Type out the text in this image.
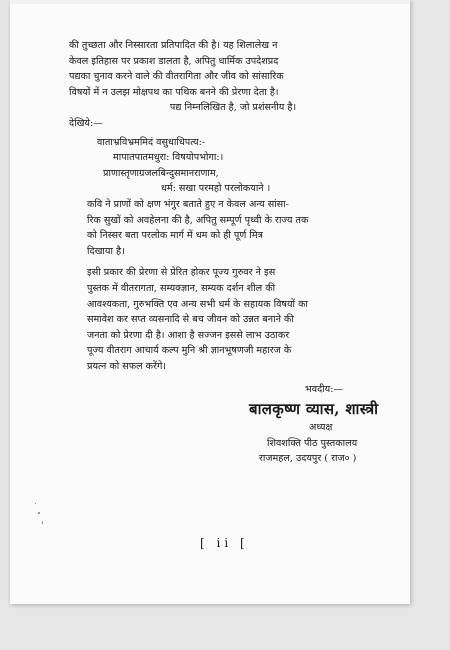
की तुच्छता और निस्सारता प्रतिपादित की है। यह शिलालेख न
केवल इतिहास पर प्रकाश डालता है, अपितु धार्मिक उपदेशप्रद
पद्यका चुनाव करने वाले की वीतरागिता और जीव को सांसारिक
विषयों में न उलझ मोक्षपथ का पथिक बनने की प्रेरणा देता है।

पद्य निम्नलिखित है, जो प्रशंसनीय है।

देखिये:—

वाताभ्रविभ्रममिदं वसुधाधिपत्य:-

मापातपातमधुरा: विषयोपभोगा:।

प्राणास्तृणाग्रजलबिन्दुसमानराणाम,

धर्म: सखा परमहो परलोकयाने ।

कवि ने प्राणों को क्षण भंगुर बताते हुए न केवल अन्य सांसा-
रिक सुखों को अवहेलना की है, अपितु सम्पूर्ण पृथ्वी के राज्य तक
को निस्सर बता परलोक मार्ग में धम को ही पूर्ण मित्र
दिखाया है।

इसी प्रकार की प्रेरणा से प्रेरित होकर पूज्य गुरुवर ने इस
पुस्तक में वीतरागता, सम्यक्ज्ञान, सम्यक दर्शन शील की
आवश्यकता, गुरुभक्ति एव अन्य सभी धर्म के सहायक विषयों का
समावेश कर सप्त व्यसनादि से बच जीवन को उन्नत बनाने की
जनता को प्रेरणा दी है। आशा है सज्जन इससे लाभ उठाकर
पूज्य वीतराग आचार्य कल्प मुनि श्री ज्ञानभूषणजी महारज के
प्रयत्न को सफल करेंगे।

भवदीय:—
बालकृष्ण व्यास, शास्त्री
अध्यक्ष
शिवशक्ति पीठ पुस्तकालय
राजमहल, उदयपुर ( राज० )
[ ii [
